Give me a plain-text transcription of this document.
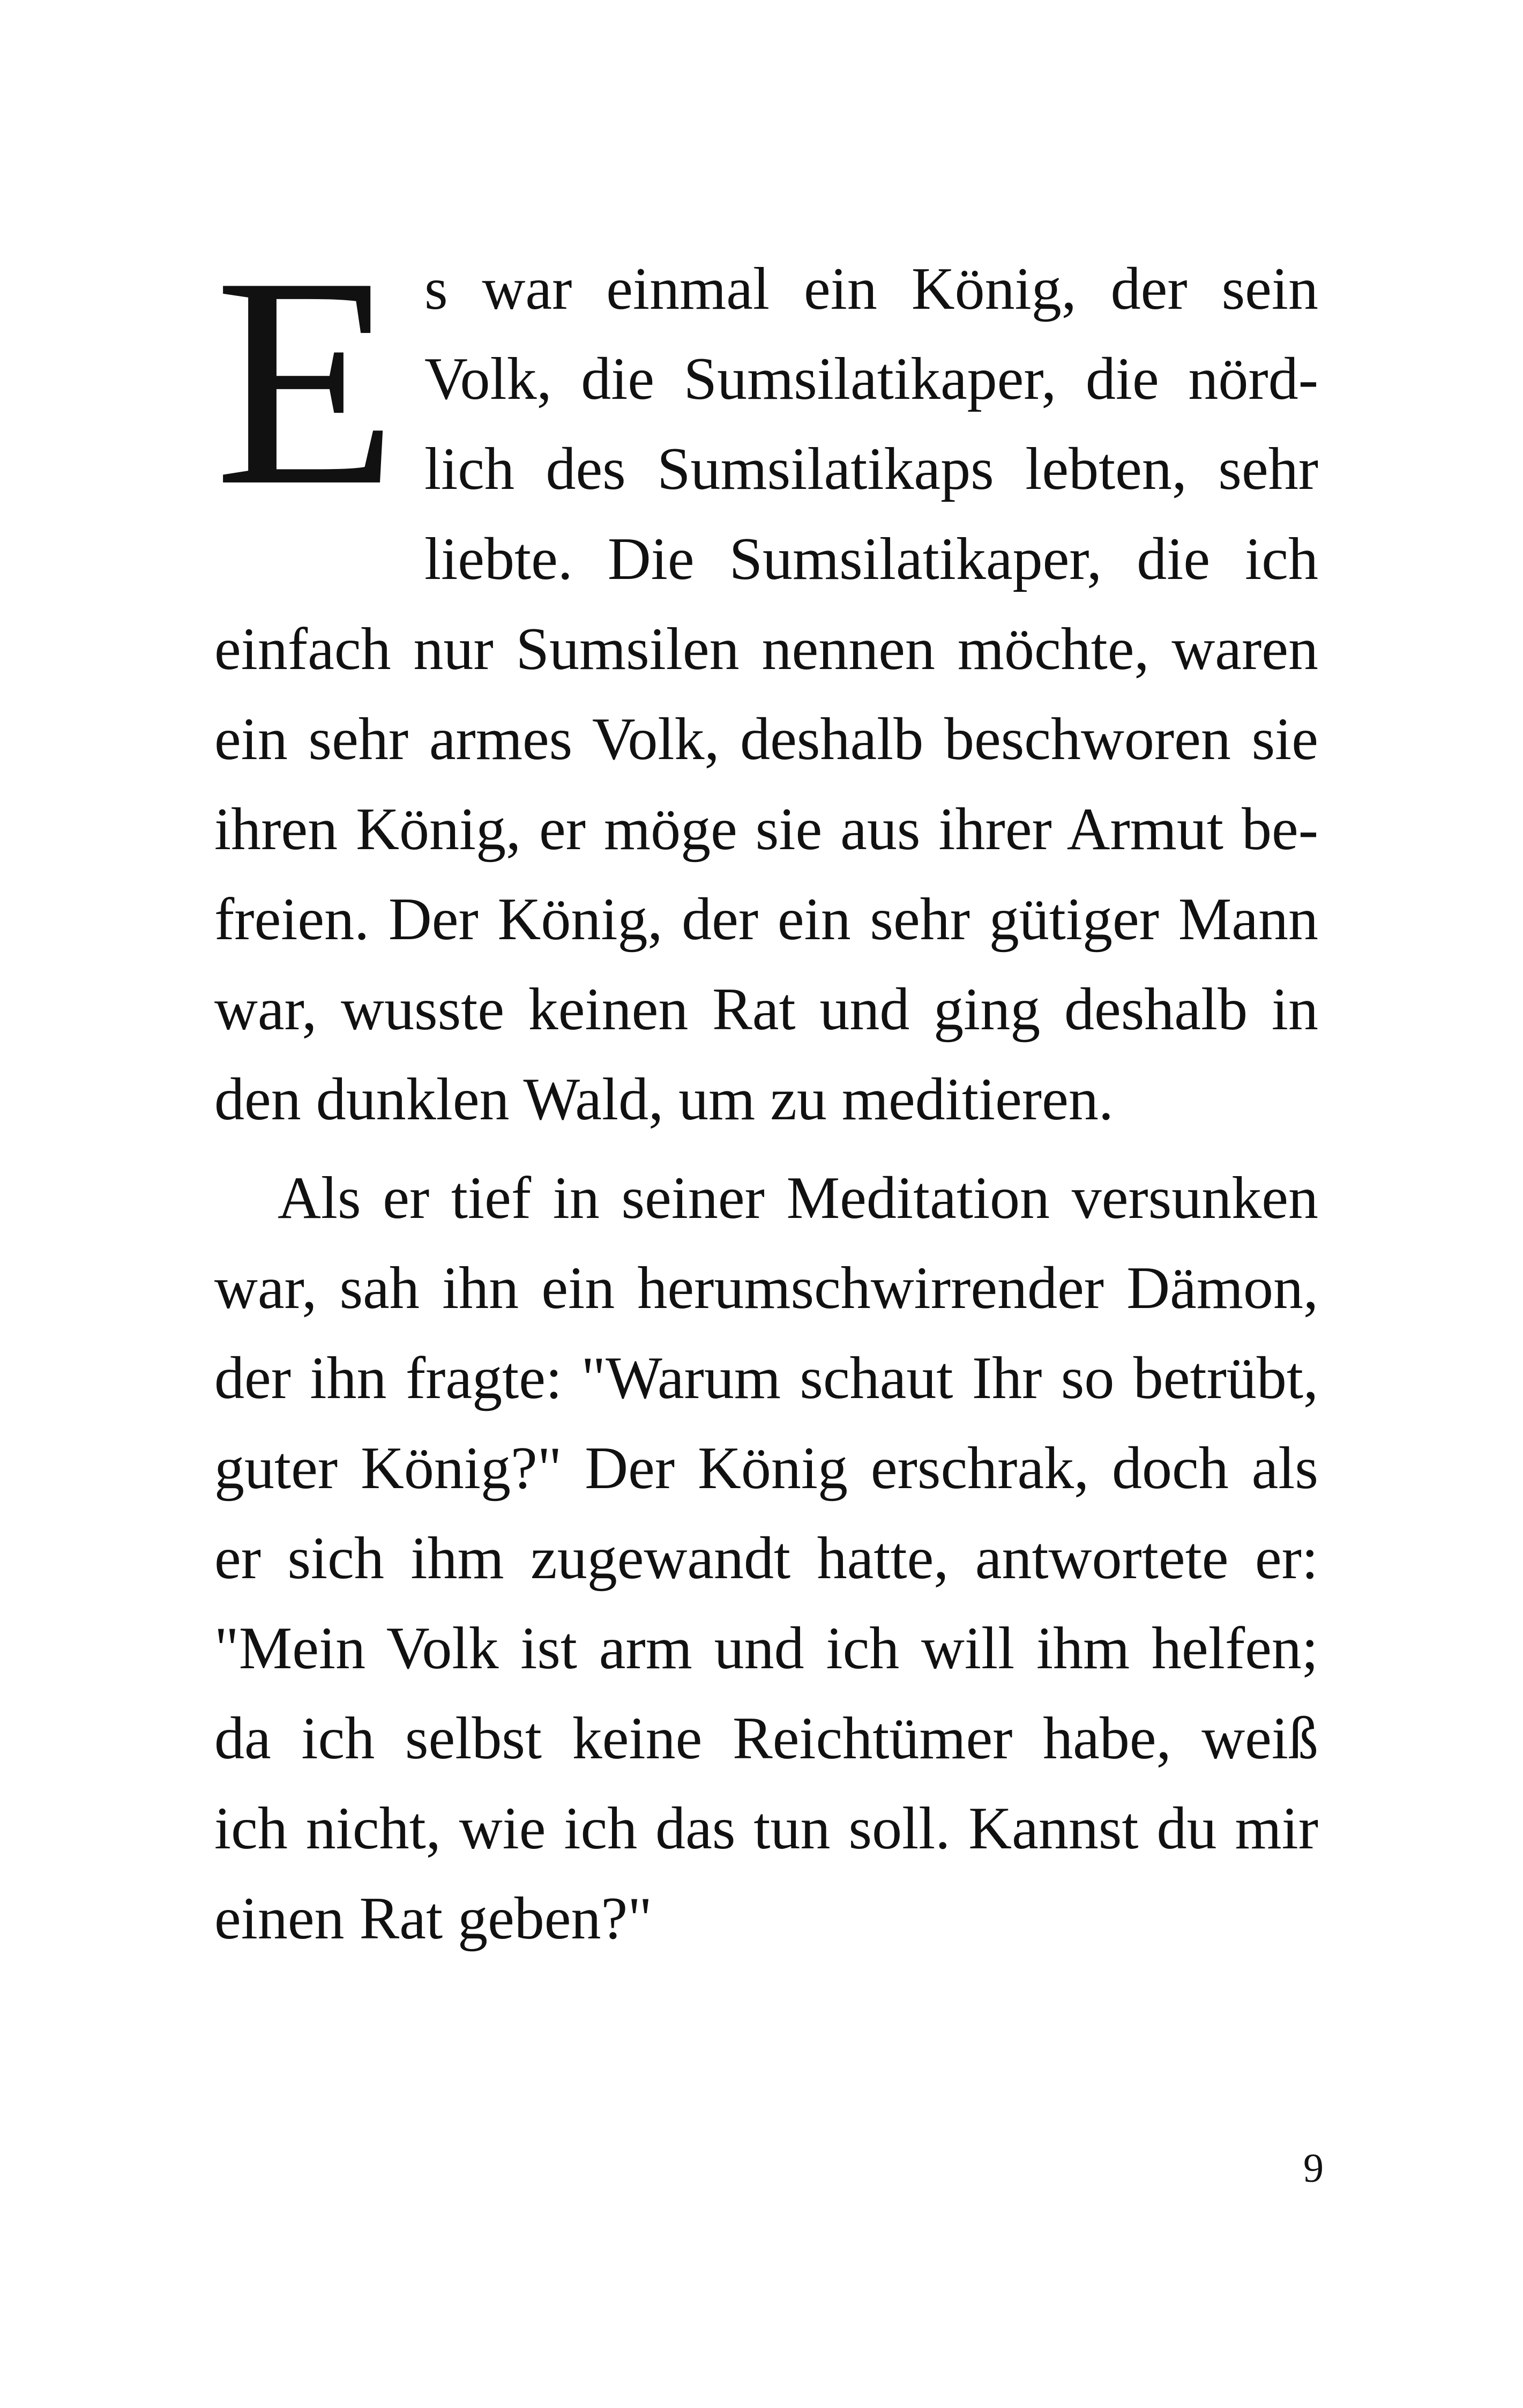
E s war einmal ein König, der sein
Volk, die Sumsilatikaper, die nörd-
lich des Sumsilatikaps lebten, sehr
liebte. Die Sumsilatikaper, die ich
einfach nur Sumsilen nennen möchte, waren
ein sehr armes Volk, deshalb beschworen sie
ihren König, er möge sie aus ihrer Armut be-
freien. Der König, der ein sehr gütiger Mann
war, wusste keinen Rat und ging deshalb in
den dunklen Wald, um zu meditieren.
Als er tief in seiner Meditation versunken
war, sah ihn ein herumschwirrender Dämon,
der ihn fragte: "Warum schaut Ihr so betrübt,
guter König?" Der König erschrak, doch als
er sich ihm zugewandt hatte, antwortete er:
"Mein Volk ist arm und ich will ihm helfen;
da ich selbst keine Reichtümer habe, weiß
ich nicht, wie ich das tun soll. Kannst du mir
einen Rat geben?"
9
